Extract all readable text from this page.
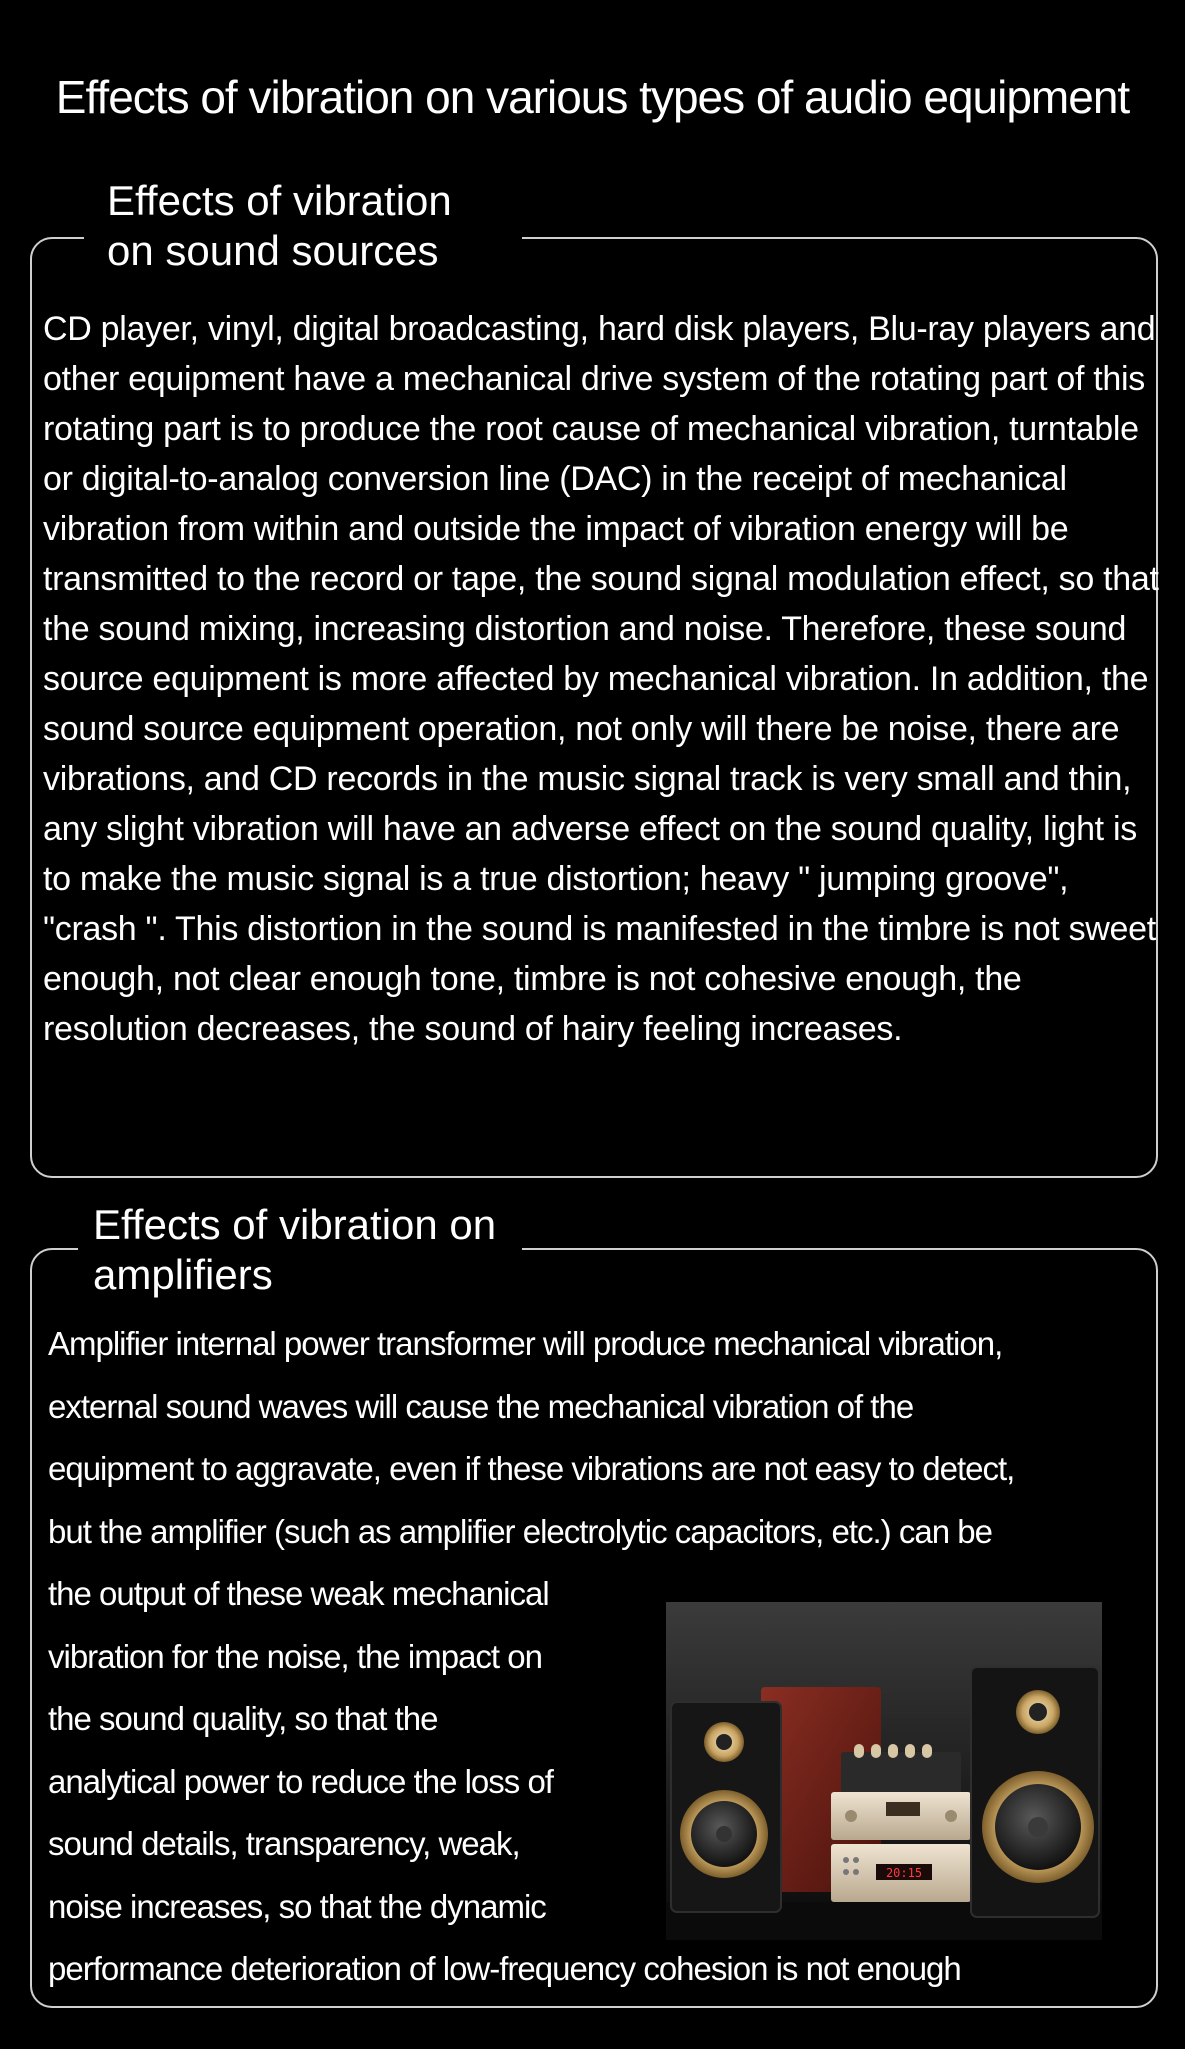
Effects of vibration on various types of audio equipment
Effects of vibration
on sound sources

CD player, vinyl, digital broadcasting, hard disk players, Blu-ray players and other equipment have a mechanical drive system of the rotating part of this rotating part is to produce the root cause of mechanical vibration, turntable or digital-to-analog conversion line (DAC) in the receipt of mechanical vibration from within and outside the impact of vibration energy will be transmitted to the record or tape, the sound signal modulation effect, so that the sound mixing, increasing distortion and noise. Therefore, these sound source equipment is more affected by mechanical vibration. In addition, the sound source equipment operation, not only will there be noise, there are vibrations, and CD records in the music signal track is very small and thin, any slight vibration will have an adverse effect on the sound quality, light is to make the music signal is a true distortion; heavy " jumping groove", "crash ". This distortion in the sound is manifested in the timbre is not sweet enough, not clear enough tone, timbre is not cohesive enough, the resolution decreases, the sound of hairy feeling increases.

Effects of vibration on
amplifiers
Amplifier internal power transformer will produce mechanical vibration,
external sound waves will cause the mechanical vibration of the
equipment to aggravate, even if these vibrations are not easy to detect,
but the amplifier (such as amplifier electrolytic capacitors, etc.) can be
the output of these weak mechanical
vibration for the noise, the impact on
the sound quality, so that the
analytical power to reduce the loss of
sound details, transparency, weak,
noise increases, so that the dynamic
performance deterioration of low-frequency cohesion is not enough
20:15
